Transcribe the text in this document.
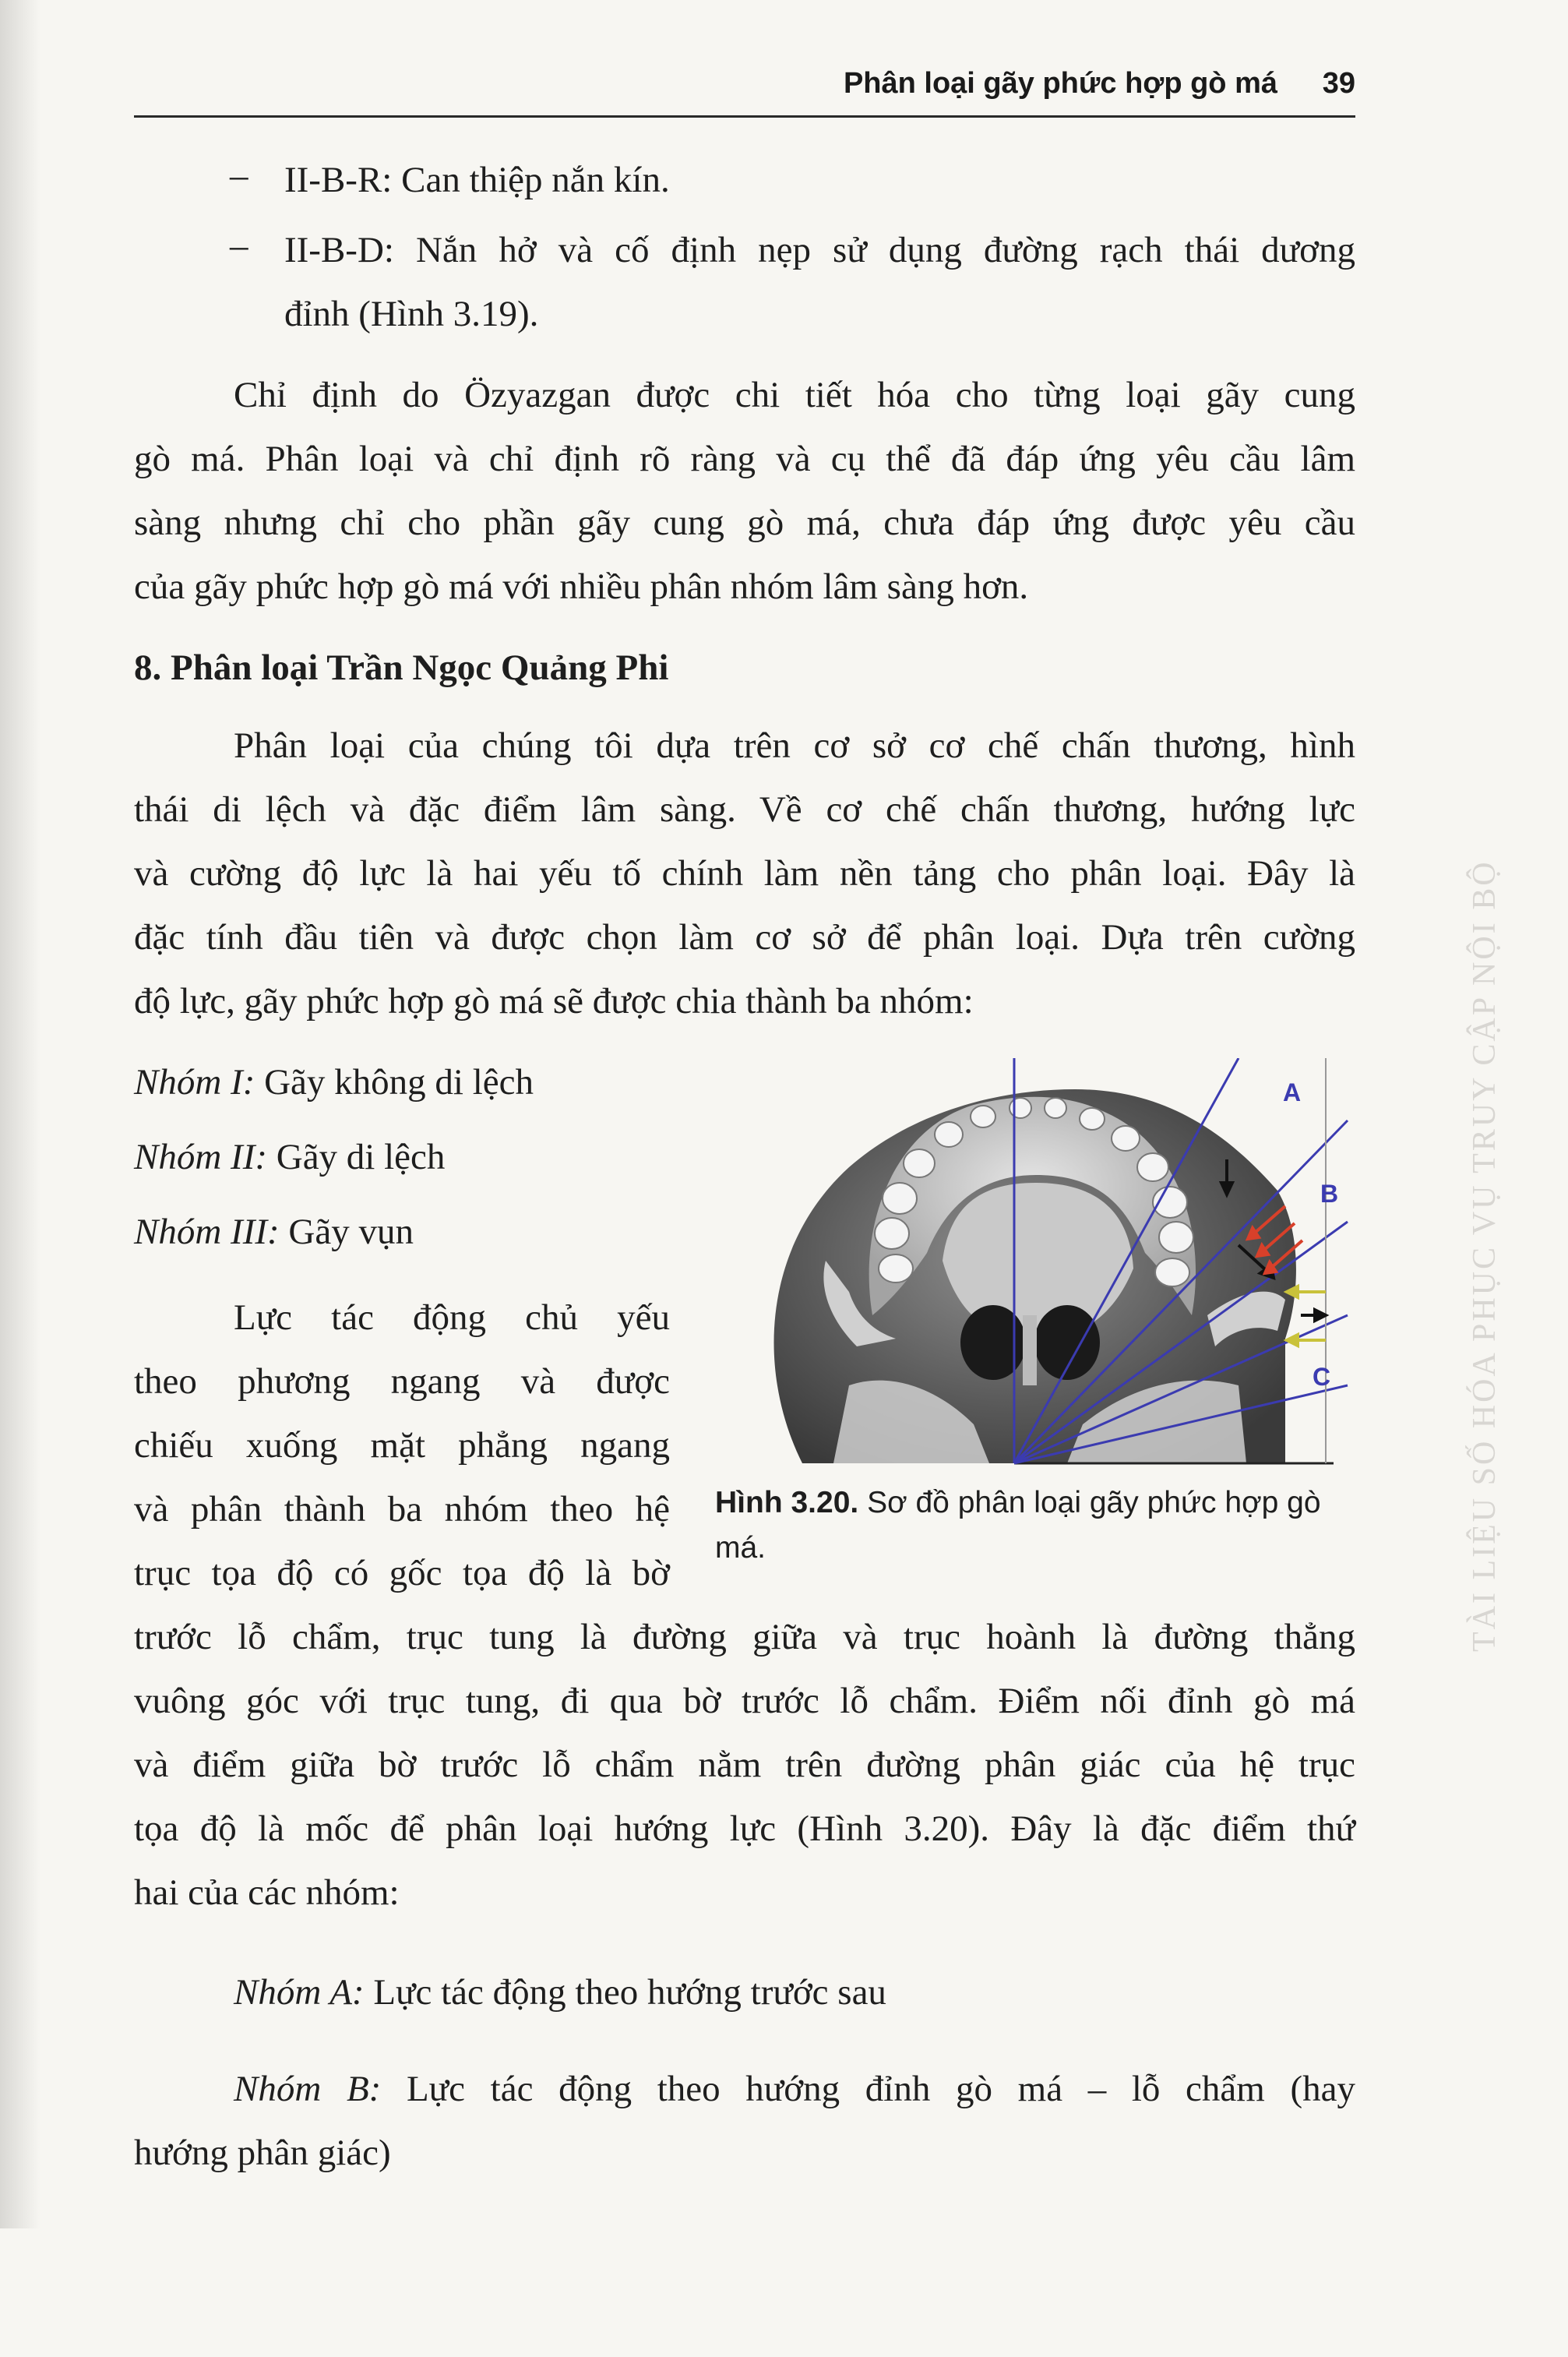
Phân loại gãy phức hợp gò má 39
– II-B-R: Can thiệp nắn kín.
– II-B-D: Nắn hở và cố định nẹp sử dụng đường rạch thái dương
đỉnh (Hình 3.19).
Chỉ định do Özyazgan được chi tiết hóa cho từng loại gãy cung
gò má. Phân loại và chỉ định rõ ràng và cụ thể đã đáp ứng yêu cầu lâm
sàng nhưng chỉ cho phần gãy cung gò má, chưa đáp ứng được yêu cầu
của gãy phức hợp gò má với nhiều phân nhóm lâm sàng hơn.
8. Phân loại Trần Ngọc Quảng Phi
Phân loại của chúng tôi dựa trên cơ sở cơ chế chấn thương, hình
thái di lệch và đặc điểm lâm sàng. Về cơ chế chấn thương, hướng lực
và cường độ lực là hai yếu tố chính làm nền tảng cho phân loại. Đây là
đặc tính đầu tiên và được chọn làm cơ sở để phân loại. Dựa trên cường
độ lực, gãy phức hợp gò má sẽ được chia thành ba nhóm:
Nhóm I: Gãy không di lệch
Nhóm II: Gãy di lệch
Nhóm III: Gãy vụn
Lực tác động chủ yếu
theo phương ngang và được
chiếu xuống mặt phẳng ngang
và phân thành ba nhóm theo hệ
trục tọa độ có gốc tọa độ là bờ
trước lỗ chẩm, trục tung là đường giữa và trục hoành là đường thẳng
vuông góc với trục tung, đi qua bờ trước lỗ chẩm. Điểm nối đỉnh gò má
và điểm giữa bờ trước lỗ chẩm nằm trên đường phân giác của hệ trục
tọa độ là mốc để phân loại hướng lực (Hình 3.20). Đây là đặc điểm thứ
hai của các nhóm:
A
B
C
Hình 3.20. Sơ đồ phân loại gãy phức hợp gò má.
Nhóm A: Lực tác động theo hướng trước sau
Nhóm B: Lực tác động theo hướng đỉnh gò má – lỗ chẩm (hay
hướng phân giác)
TÀI LIỆU SỐ HÓA PHỤC VỤ TRUY CẬP NỘI BỘ
